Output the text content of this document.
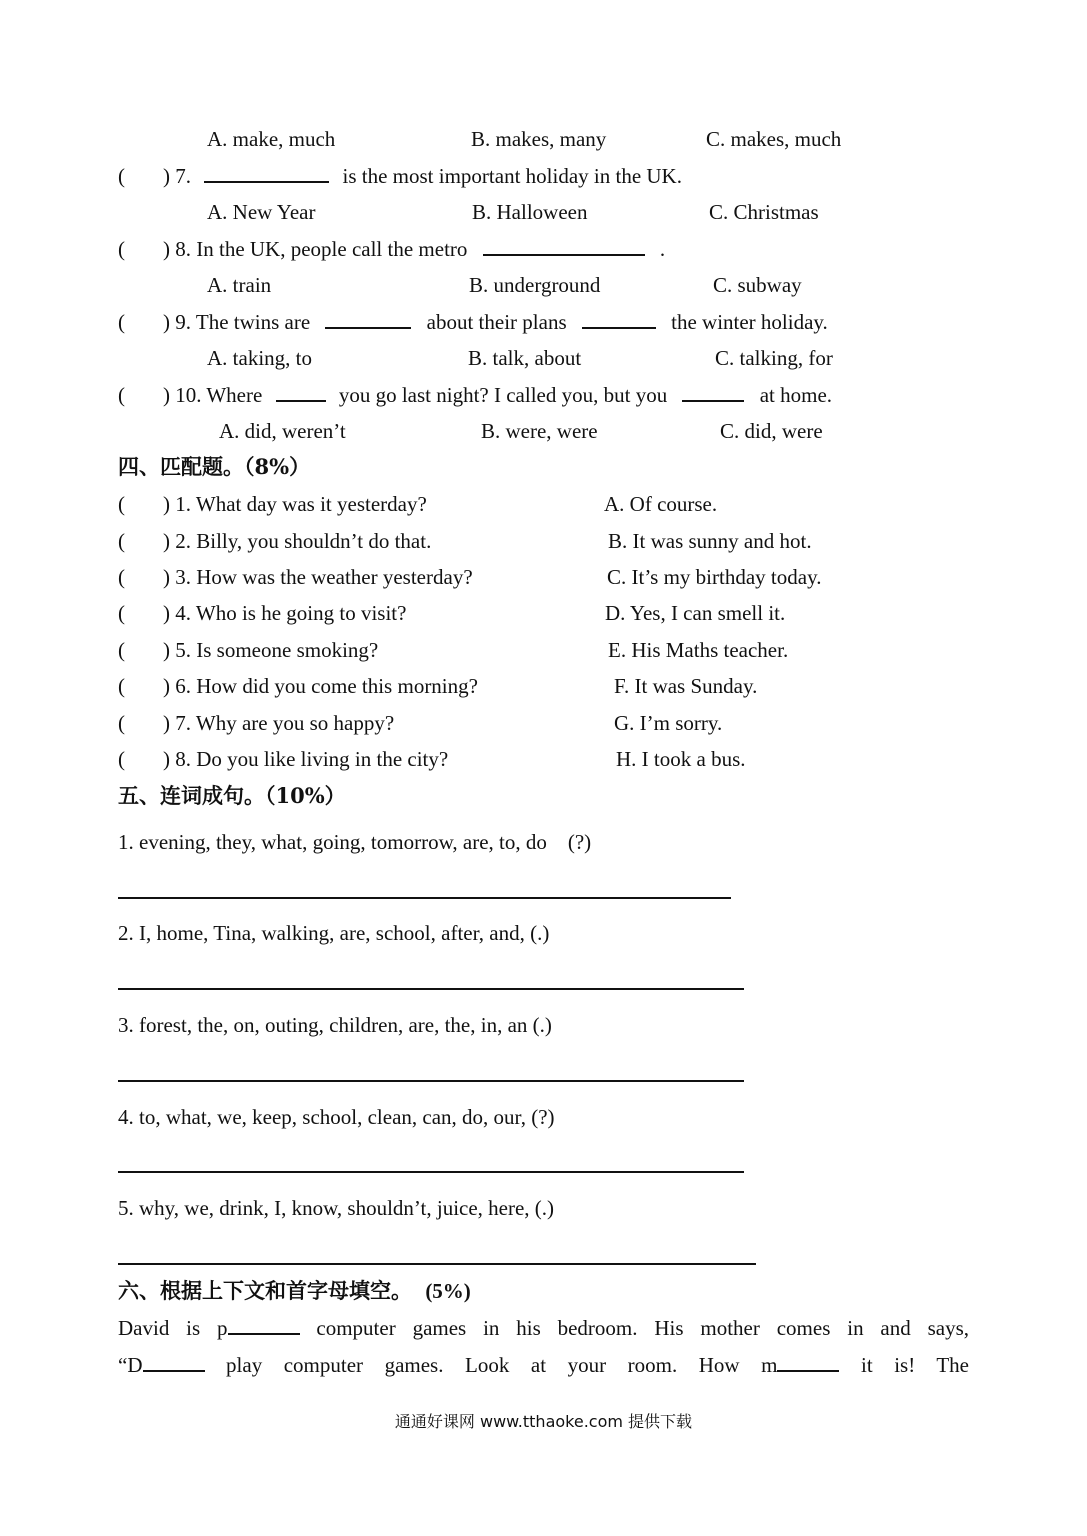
A. make, much	B. makes, many	C. makes, much
( ) 7.	is the most important holiday in the UK.
A. New Year	B. Halloween	C. Christmas
( ) 8. In the UK, people call the metro	.
A. train	B. underground	C. subway
( ) 9. The twins are	about their plans	the winter holiday.
A. taking, to	B. talk, about	C. talking, for
( ) 10. Where	you go last night? I called you, but you	at home.
A. did, weren’t	B. were, were	C. did, were
四、匹配题。（8%）
( ) 1. What day was it yesterday?	A. Of course.
( ) 2. Billy, you shouldn’t do that.	B. It was sunny and hot.
( ) 3. How was the weather yesterday?	C. It’s my birthday today.
( ) 4. Who is he going to visit?	D. Yes, I can smell it.
( ) 5. Is someone smoking?	E. His Maths teacher.
( ) 6. How did you come this morning?	F. It was Sunday.
( ) 7. Why are you so happy?	G. I’m sorry.
( ) 8. Do you like living in the city?	H. I took a bus.
五、连词成句。（10%）
1. evening, they, what, going, tomorrow, are, to, do    (?)
2. I, home, Tina, walking, are, school, after, and, (.)
3. forest, the, on, outing, children, are, the, in, an (.)
4. to, what, we, keep, school, clean, can, do, our, (?)
5. why, we, drink, I, know, shouldn’t, juice, here, (.)
六、根据上下文和首字母填空。 (5%)
David is p	computer games in his bedroom. His mother comes in and says,
“D	play computer games. Look at your room. How m	it is! The
通通好课网 www.tthaoke.com 提供下载
